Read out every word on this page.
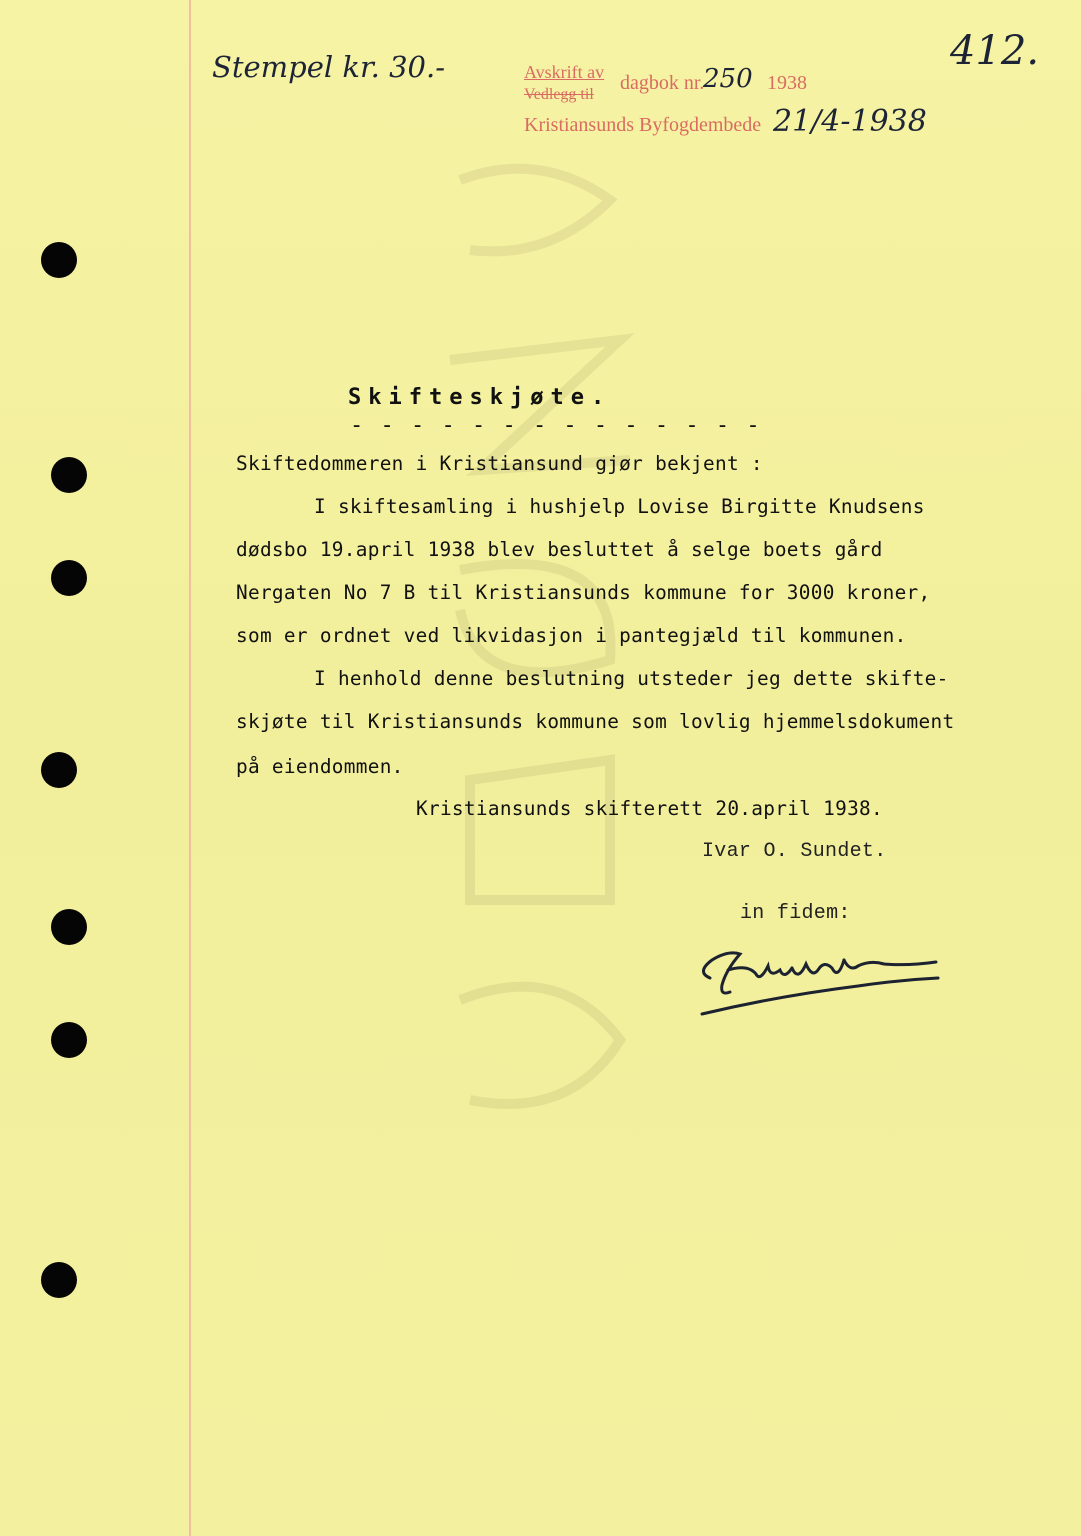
412.
Stempel kr. 30.-	Avskrift av
Vedlegg til
dagbok nr.
250 1938
Kristiansunds Byfogdembede 21/4-1938
Skifteskjøte.
- - - - - - - - - - - - - -
Skiftedommeren i Kristiansund gjør bekjent :
I skiftesamling i hushjelp Lovise Birgitte Knudsens
dødsbo 19.april 1938 blev besluttet å selge boets gård
Nergaten No 7 B til Kristiansunds kommune for 3000 kroner,
som er ordnet ved likvidasjon i pantegjæld til kommunen.
I henhold denne beslutning utsteder jeg dette skifte-
skjøte til Kristiansunds kommune som lovlig hjemmelsdokument
på eiendommen.
Kristiansunds skifterett 20.april 1938.
Ivar O. Sundet.
in fidem:
